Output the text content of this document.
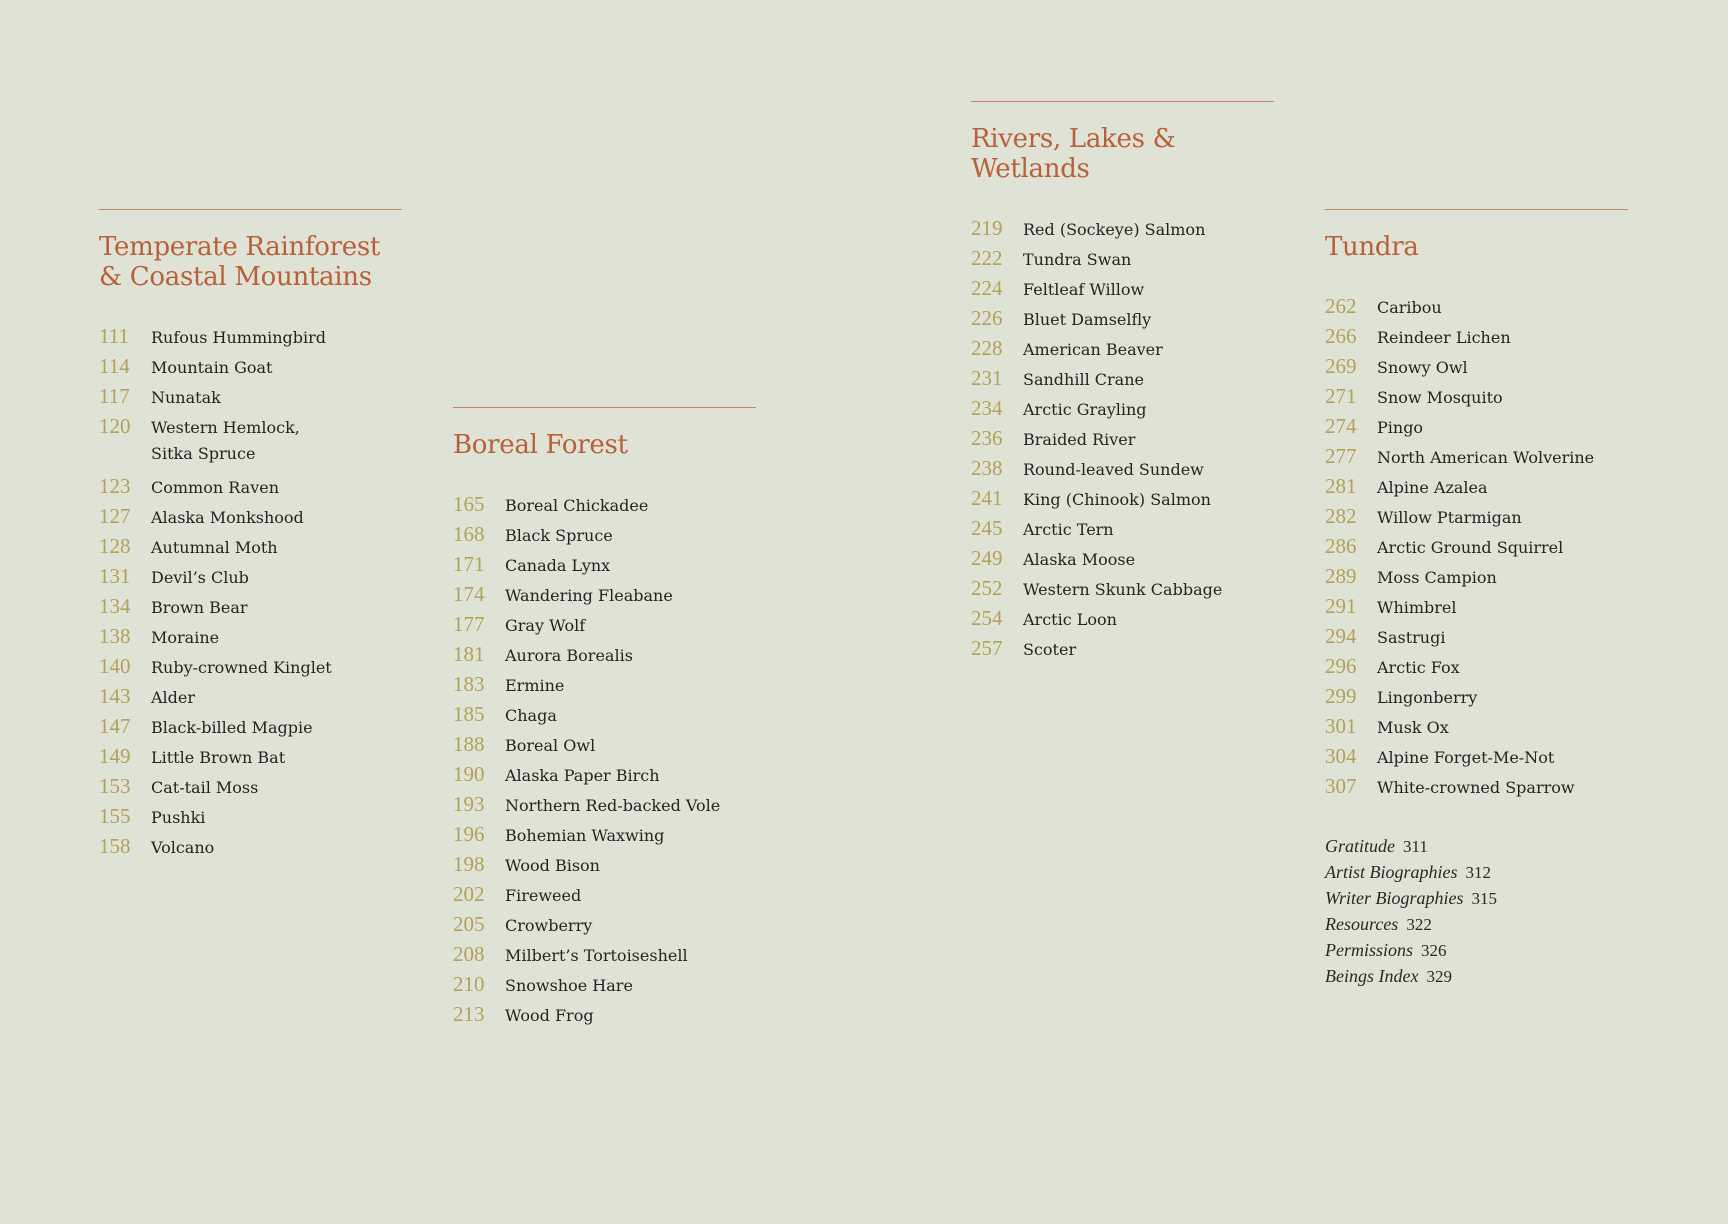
Temperate Rainforest
& Coastal Mountains
111	Rufous Hummingbird
114	Mountain Goat
117	Nunatak
120	Western Hemlock,
Sitka Spruce
123	Common Raven
127	Alaska Monkshood
128	Autumnal Moth
131	Devil’s Club
134	Brown Bear
138	Moraine
140	Ruby-crowned Kinglet
143	Alder
147	Black-billed Magpie
149	Little Brown Bat
153	Cat-tail Moss
155	Pushki
158	Volcano
Boreal Forest
165	Boreal Chickadee
168	Black Spruce
171	Canada Lynx
174	Wandering Fleabane
177	Gray Wolf
181	Aurora Borealis
183	Ermine
185	Chaga
188	Boreal Owl
190	Alaska Paper Birch
193	Northern Red-backed Vole
196	Bohemian Waxwing
198	Wood Bison
202	Fireweed
205	Crowberry
208	Milbert’s Tortoiseshell
210	Snowshoe Hare
213	Wood Frog
Rivers, Lakes &
Wetlands
219	Red (Sockeye) Salmon
222	Tundra Swan
224	Feltleaf Willow
226	Bluet Damselfly
228	American Beaver
231	Sandhill Crane
234	Arctic Grayling
236	Braided River
238	Round-leaved Sundew
241	King (Chinook) Salmon
245	Arctic Tern
249	Alaska Moose
252	Western Skunk Cabbage
254	Arctic Loon
257	Scoter
Tundra
262	Caribou
266	Reindeer Lichen
269	Snowy Owl
271	Snow Mosquito
274	Pingo
277	North American Wolverine
281	Alpine Azalea
282	Willow Ptarmigan
286	Arctic Ground Squirrel
289	Moss Campion
291	Whimbrel
294	Sastrugi
296	Arctic Fox
299	Lingonberry
301	Musk Ox
304	Alpine Forget-Me-Not
307	White-crowned Sparrow
Gratitude 311
Artist Biographies 312
Writer Biographies 315
Resources 322
Permissions 326
Beings Index 329
